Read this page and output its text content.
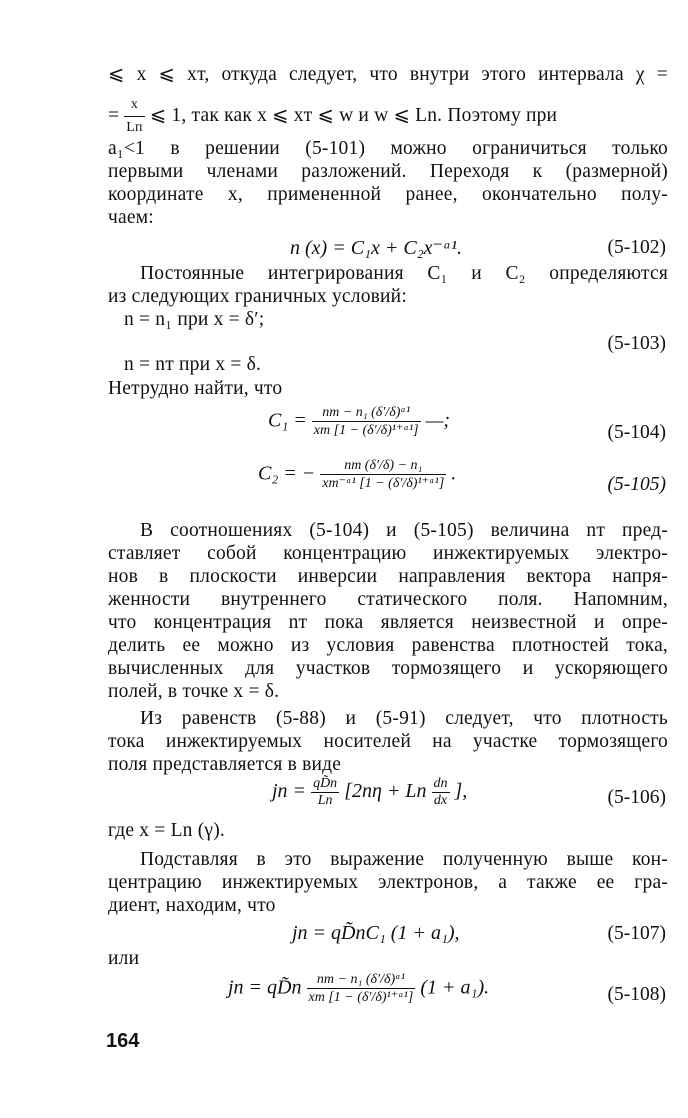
⩽ x ⩽ xт, откуда следует, что внутри этого интервала χ =
= $\frac{x}{Lп}$ ⩽ 1, так как x ⩽ xт ⩽ w и w ⩽ Ln. Поэтому при
a₁<1 в решении (5-101) можно ограничиться только
первыми членами разложений. Переходя к (размерной)
координате x, примененной ранее, окончательно полу-
чаем:
n (x) = C₁x + C₂x⁻ᵃ¹.	(5-102)
Постоянные интегрирования C₁ и C₂ определяются
из следующих граничных условий:
n = n₁ при x = δ′;
(5-103)
n = nт при x = δ.
Нетрудно найти, что
$C_1 = \frac{\text{nт − n₁ (δ′/δ)ᵃ¹}}{\text{xт [1 − (δ′/δ)¹⁺ᵃ¹]}}$ —;
(5-104)
C₂ = − $\frac{\text{nт (δ′/δ) − n₁}}{\text{xт⁻ᵃ¹ [1 − (δ′/δ)¹⁺ᵃ¹]}}$ .	(5-105)
В соотношениях (5-104) и (5-105) величина nт пред-
ставляет собой концентрацию инжектируемых электро-
нов в плоскости инверсии направления вектора напря-
женности внутреннего статического поля. Напомним,
что концентрация nт пока является неизвестной и опре-
делить ее можно из условия равенства плотностей тока,
вычисленных для участков тормозящего и ускоряющего
полей, в точке x = δ.
Из равенств (5-88) и (5-91) следует, что плотность
тока инжектируемых носителей на участке тормозящего
поля представляется в виде
jn = $\frac{qD̃n}{Ln} [2n\eta + Ln \frac{dn}{dx}$ ],	(5-106)
где x = Ln (γ).
Подставляя в это выражение полученную выше кон-
центрацию инжектируемых электронов, а также ее гра-
диент, находим, что
jn = qD̃nC₁ (1 + a₁),	(5-107)
или
jn = qD̃n $\frac{\text{nт − n₁ (δ′/δ)ᵃ¹}}{\text{xт [1 − (δ′/δ)¹⁺ᵃ¹]}} (1 + a_1)$.	(5-108)
164
